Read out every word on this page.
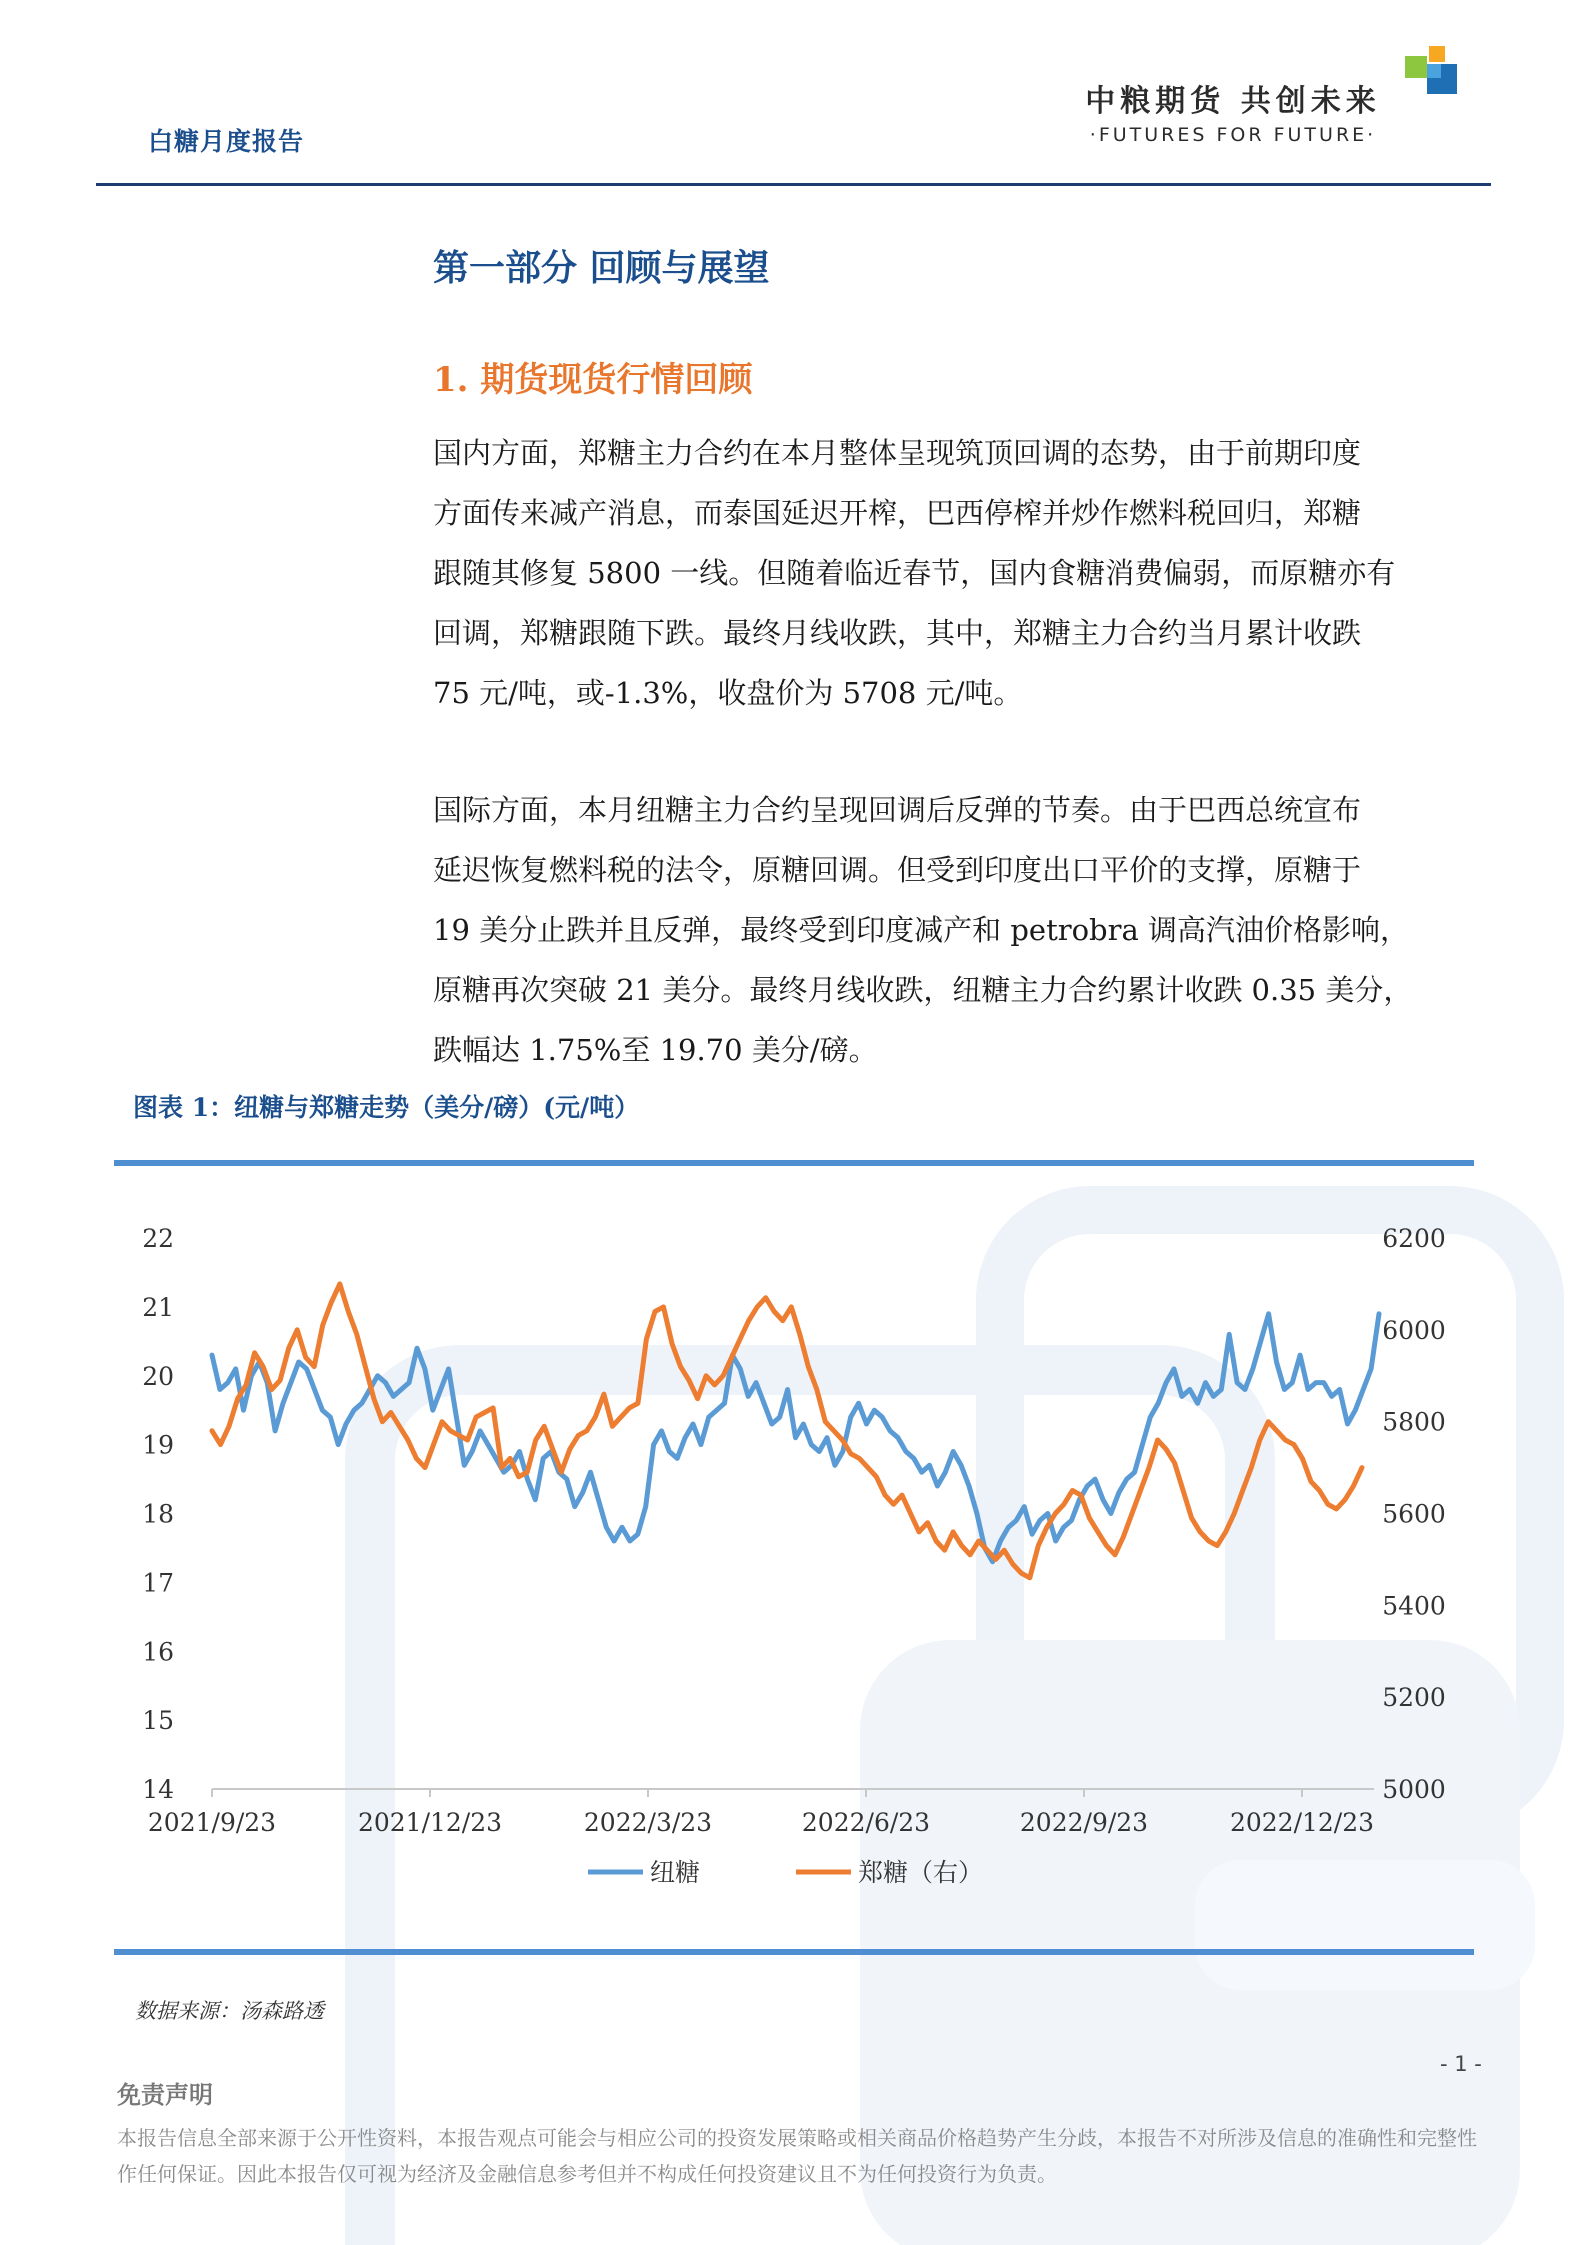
白糖月度报告
中粮期货 共创未来
·FUTURES FOR FUTURE·
第一部分 回顾与展望
1. 期货现货行情回顾
国内方面，郑糖主力合约在本月整体呈现筑顶回调的态势，由于前期印度
方面传来减产消息，而泰国延迟开榨，巴西停榨并炒作燃料税回归，郑糖
跟随其修复 5800 一线。但随着临近春节，国内食糖消费偏弱，而原糖亦有
回调，郑糖跟随下跌。最终月线收跌，其中，郑糖主力合约当月累计收跌
75 元/吨，或-1.3%，收盘价为 5708 元/吨。
国际方面，本月纽糖主力合约呈现回调后反弹的节奏。由于巴西总统宣布
延迟恢复燃料税的法令，原糖回调。但受到印度出口平价的支撑，原糖于
19 美分止跌并且反弹，最终受到印度减产和 petrobra 调高汽油价格影响，
原糖再次突破 21 美分。最终月线收跌，纽糖主力合约累计收跌 0.35 美分，
跌幅达 1.75%至 19.70 美分/磅。
图表 1：纽糖与郑糖走势（美分/磅）(元/吨）
22
21
20
19
18
17
16
15
14
6200
6000
5800
5600
5400
5200
5000
2021/9/23	2021/12/23	2022/3/23	2022/6/23	2022/9/23	2022/12/23
纽糖	郑糖（右）
数据来源：汤森路透
- 1 -
免责声明
本报告信息全部来源于公开性资料，本报告观点可能会与相应公司的投资发展策略或相关商品价格趋势产生分歧，本报告不对所涉及信息的准确性和完整性作任何保证。因此本报告仅可视为经济及金融信息参考但并不构成任何投资建议且不为任何投资行为负责。
